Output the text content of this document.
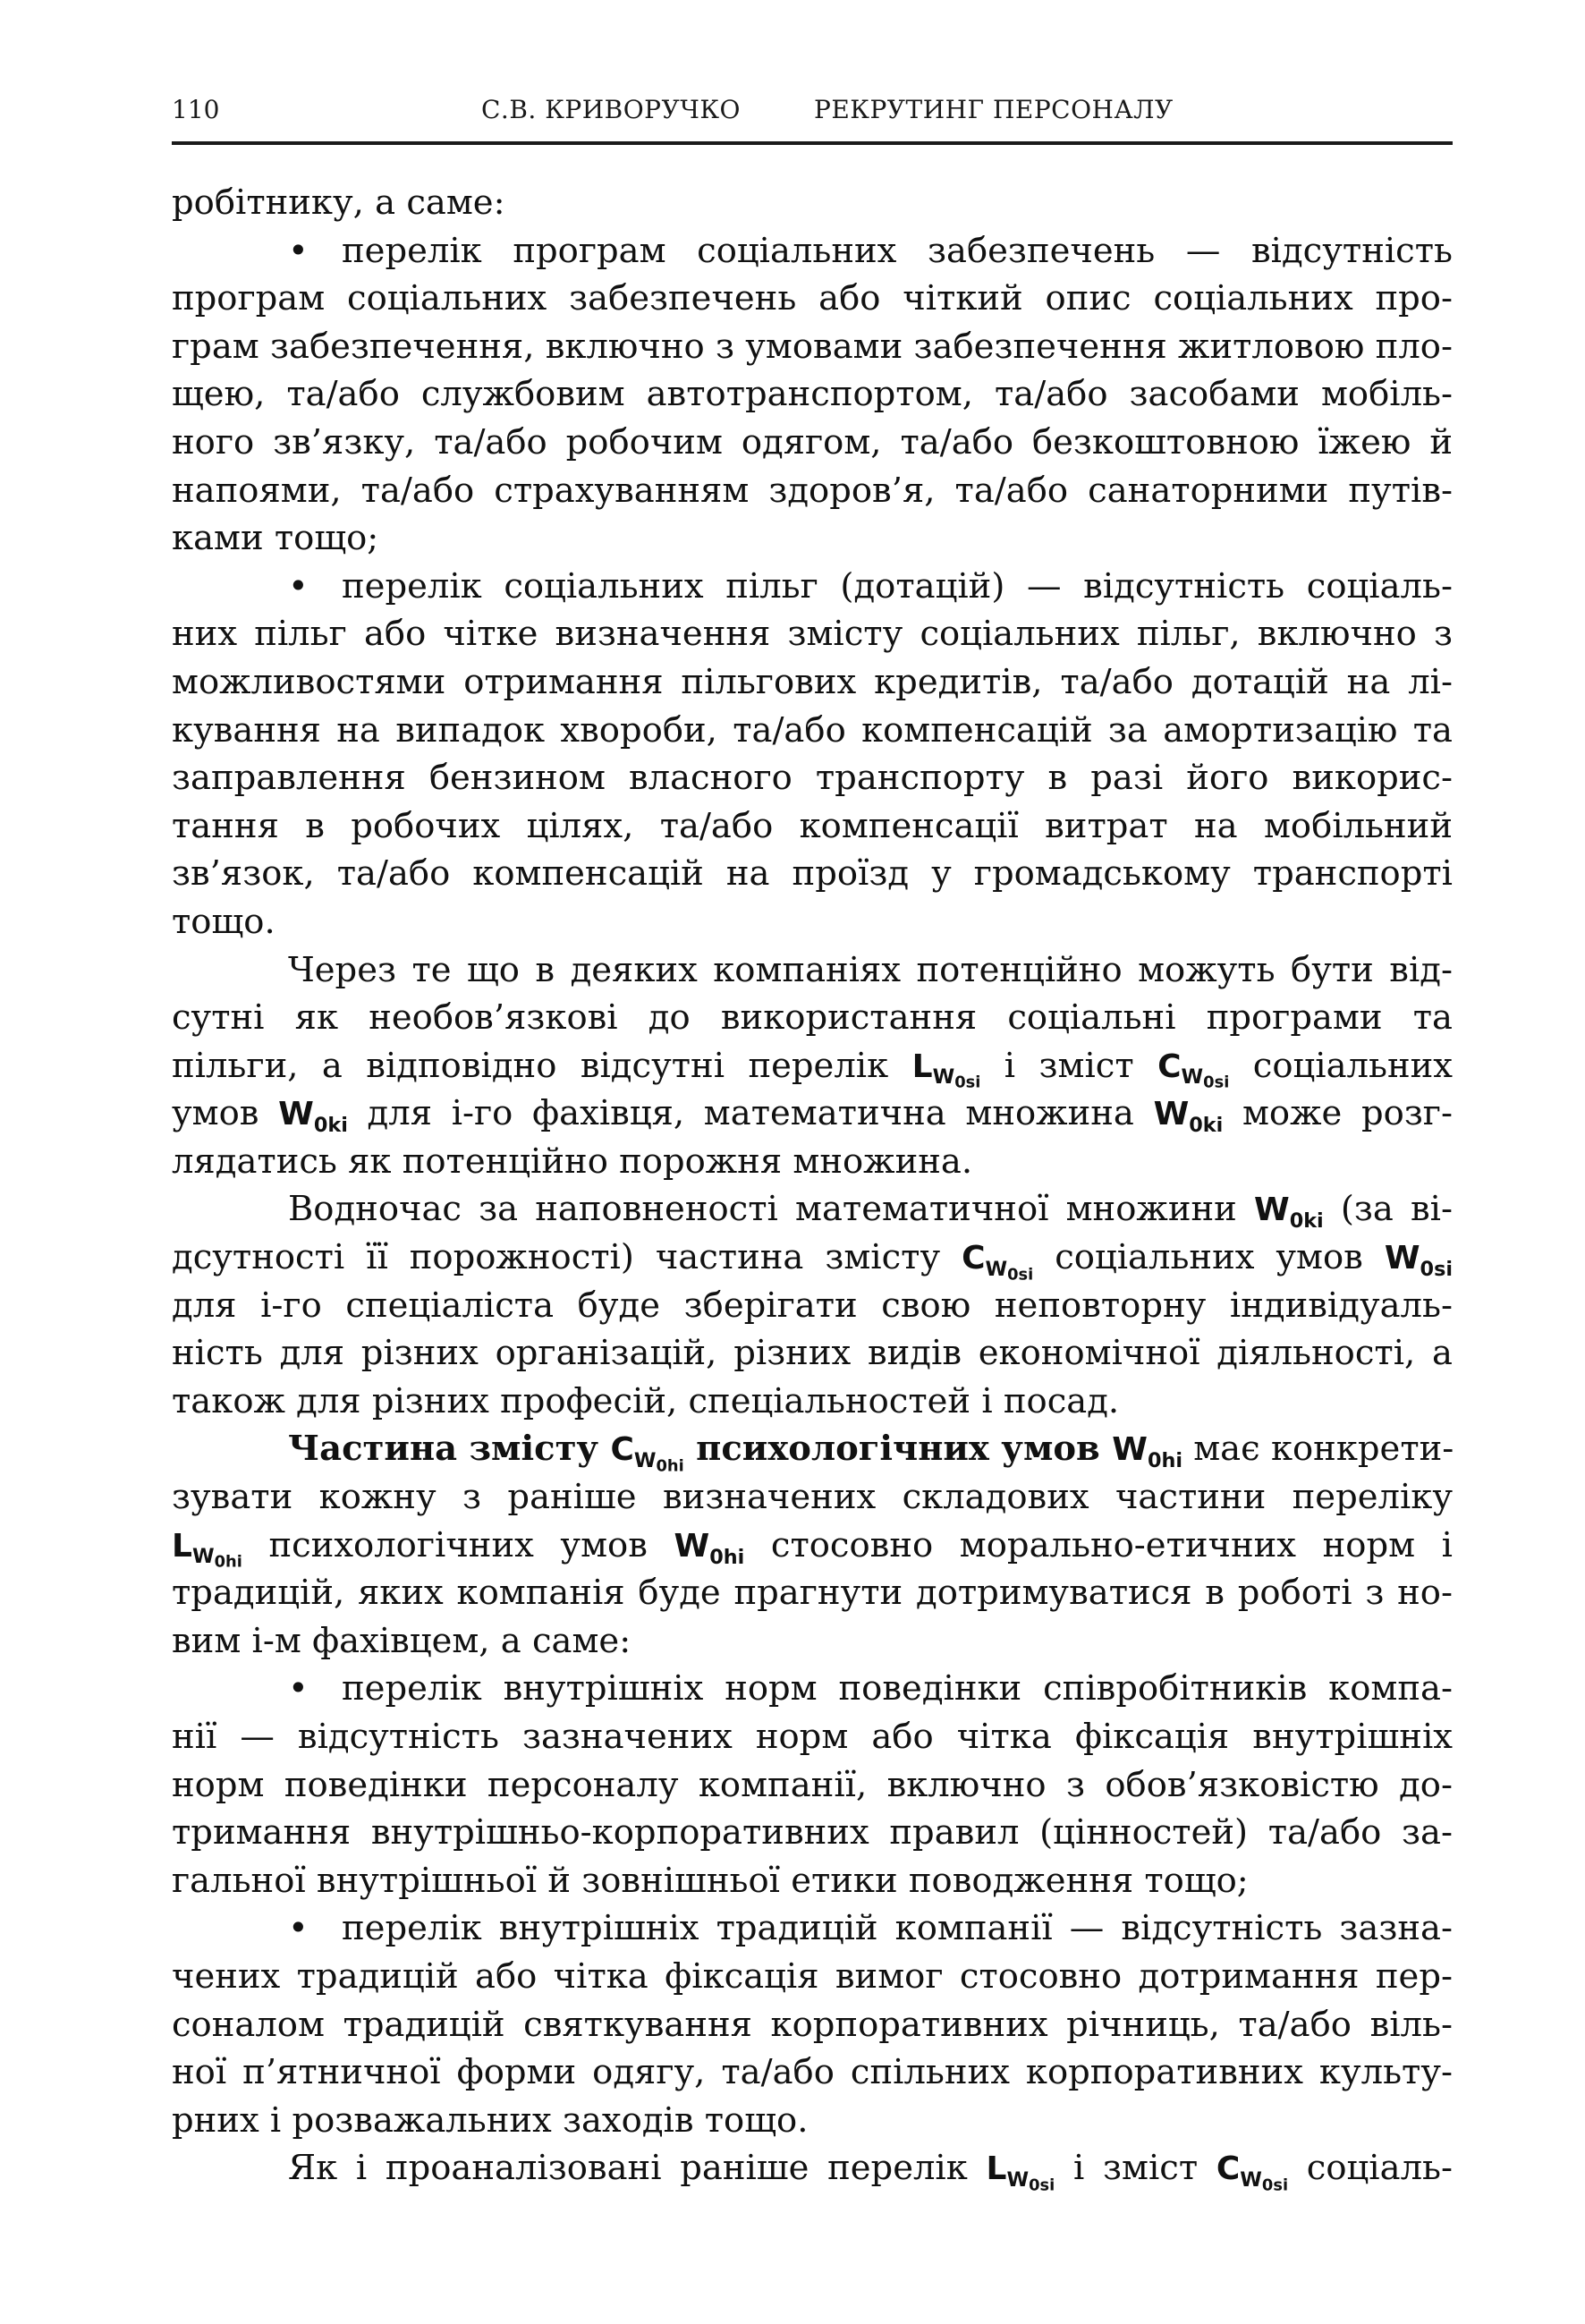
110	С.В. КРИВОРУЧКО	РЕКРУТИНГ ПЕРСОНАЛУ
робітнику, а саме:
• перелік програм соціальних забезпечень — відсутність
програм соціальних забезпечень або чіткий опис соціальних про-
грам забезпечення, включно з умовами забезпечення житловою пло-
щею, та/або службовим автотранспортом, та/або засобами мобіль-
ного зв’язку, та/або робочим одягом, та/або безкоштовною їжею й
напоями, та/або страхуванням здоров’я, та/або санаторними путів-
ками тощо;
• перелік соціальних пільг (дотацій) — відсутність соціаль-
них пільг або чітке визначення змісту соціальних пільг, включно з
можливостями отримання пільгових кредитів, та/або дотацій на лі-
кування на випадок хвороби, та/або компенсацій за амортизацію та
заправлення бензином власного транспорту в разі його викорис-
тання в робочих цілях, та/або компенсації витрат на мобільний
зв’язок, та/або компенсацій на проїзд у громадському транспорті
тощо.
Через те що в деяких компаніях потенційно можуть бути від-
сутні як необов’язкові до використання соціальні програми та
пільги, а відповідно відсутні перелік $L_{W_{0si}}$ і зміст $C_{W_{0si}}$ соціальних
умов $W_{0ki}$ для і-го фахівця, математична множина $W_{0ki}$ може розг-
лядатись як потенційно порожня множина.
Водночас за наповненості математичної множини $W_{0ki}$ (за ві-
дсутності її порожності) частина змісту $C_{W_{0si}}$ соціальних умов $W_{0si}$
для і-го спеціаліста буде зберігати свою неповторну індивідуаль-
ність для різних організацій, різних видів економічної діяльності, а
також для різних професій, спеціальностей і посад.
Частина змісту $C_{W_{0hi}}$ психологічних умов $W_{0hi}$ має конкрети-
зувати кожну з раніше визначених складових частини переліку
$L_{W_{0hi}}$ психологічних умов $W_{0hi}$ стосовно морально-етичних норм і
традицій, яких компанія буде прагнути дотримуватися в роботі з но-
вим і-м фахівцем, а саме:
• перелік внутрішніх норм поведінки співробітників компа-
нії — відсутність зазначених норм або чітка фіксація внутрішніх
норм поведінки персоналу компанії, включно з обов’язковістю до-
тримання внутрішньо-корпоративних правил (цінностей) та/або за-
гальної внутрішньої й зовнішньої етики поводження тощо;
• перелік внутрішніх традицій компанії — відсутність зазна-
чених традицій або чітка фіксація вимог стосовно дотримання пер-
соналом традицій святкування корпоративних річниць, та/або віль-
ної п’ятничної форми одягу, та/або спільних корпоративних культу-
рних і розважальних заходів тощо.
Як і проаналізовані раніше перелік $L_{W_{0si}}$ і зміст $C_{W_{0si}}$ соціаль-
